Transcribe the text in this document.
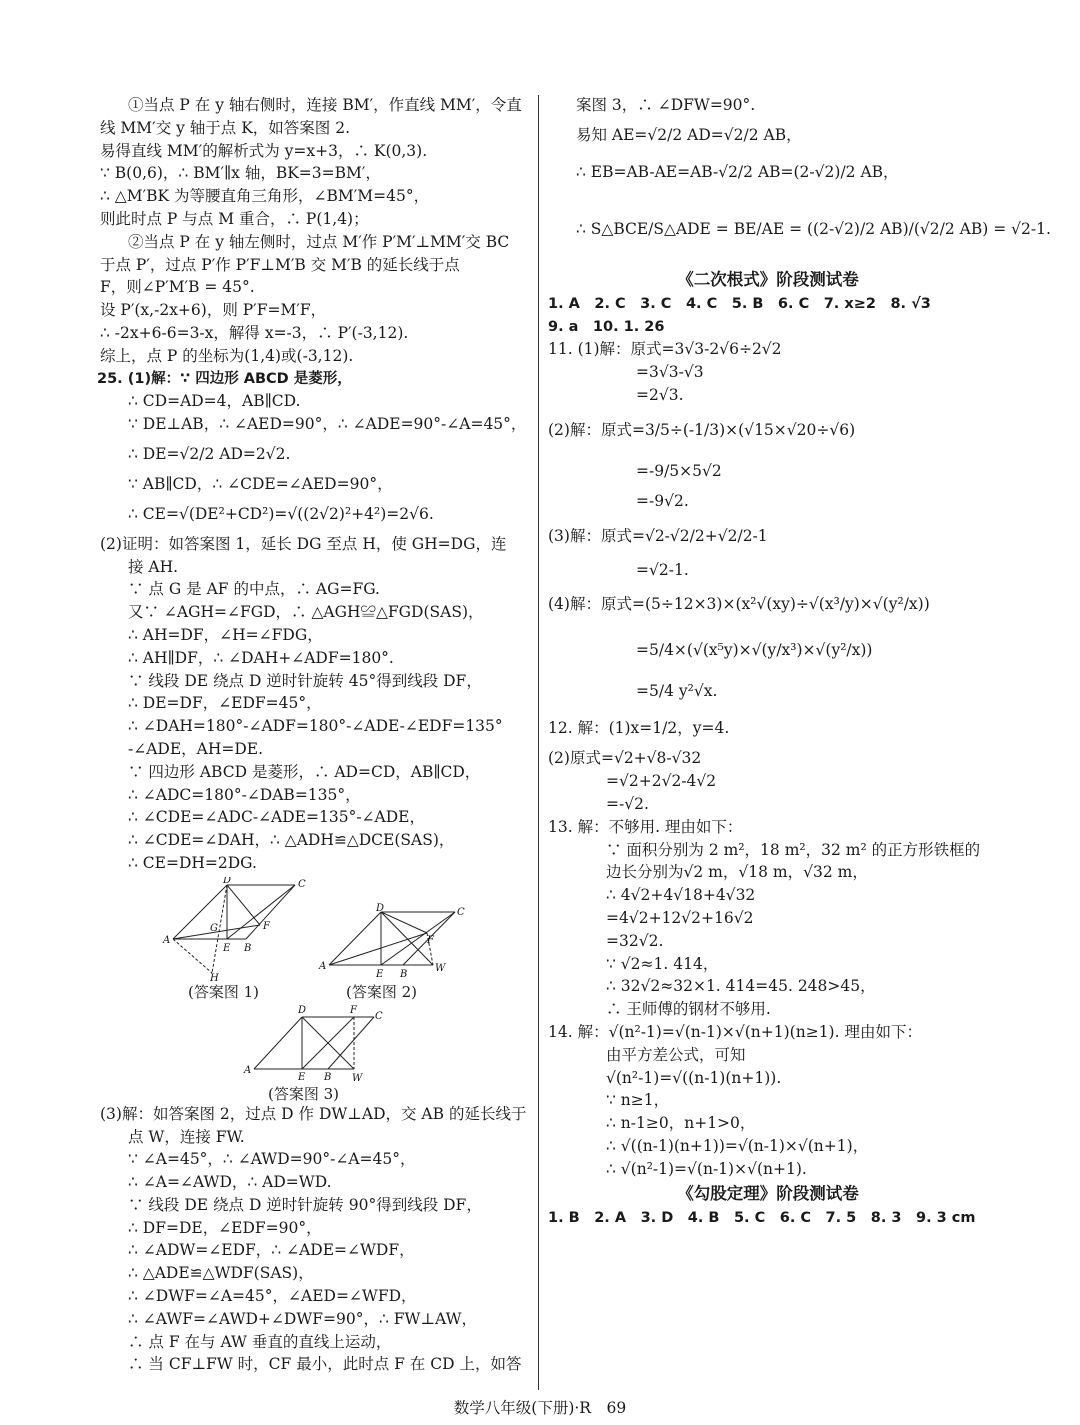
①当点 P 在 y 轴右侧时，连接 BM′，作直线 MM′，令直
线 MM′交 y 轴于点 K，如答案图 2.
易得直线 MM′的解析式为 y=x+3，∴ K(0,3).
∵ B(0,6)，∴ BM′∥x 轴，BK=3=BM′，
∴ △M′BK 为等腰直角三角形，∠BM′M=45°，
则此时点 P 与点 M 重合，∴ P(1,4)；
②当点 P 在 y 轴左侧时，过点 M′作 P′M′⊥MM′交 BC
于点 P′，过点 P′作 P′F⊥M′B 交 M′B 的延长线于点
F，则∠P′M′B = 45°.
设 P′(x,-2x+6)，则 P′F=M′F，
∴ -2x+6-6=3-x，解得 x=-3，∴ P′(-3,12).
综上，点 P 的坐标为(1,4)或(-3,12).
25. (1)解：∵ 四边形 ABCD 是菱形，
∴ CD=AD=4，AB∥CD.
∵ DE⊥AB，∴ ∠AED=90°，∴ ∠ADE=90°-∠A=45°，
∴ DE=√2/2 AD=2√2.
∵ AB∥CD，∴ ∠CDE=∠AED=90°，
∴ CE=√(DE²+CD²)=√((2√2)²+4²)=2√6.
(2)证明：如答案图 1，延长 DG 至点 H，使 GH=DG，连
接 AH.
∵ 点 G 是 AF 的中点，∴ AG=FG.
又∵ ∠AGH=∠FGD，∴ △AGH≌△FGD(SAS)，
∴ AH=DF，∠H=∠FDG，
∴ AH∥DF，∴ ∠DAH+∠ADF=180°.
∵ 线段 DE 绕点 D 逆时针旋转 45°得到线段 DF，
∴ DE=DF，∠EDF=45°，
∴ ∠DAH=180°-∠ADF=180°-∠ADE-∠EDF=135°
-∠ADE，AH=DE.
∵ 四边形 ABCD 是菱形，∴ AD=CD，AB∥CD，
∴ ∠ADC=180°-∠DAB=135°，
∴ ∠CDE=∠ADC-∠ADE=135°-∠ADE，
∴ ∠CDE=∠DAH，∴ △ADH≌△DCE(SAS)，
∴ CE=DH=2DG.
D	C
A
G	F
E B
H
(答案图 1)
D	C
A
F
E B
W
(答案图 2)
D	F
C
A
E B W
(答案图 3)
(3)解：如答案图 2，过点 D 作 DW⊥AD，交 AB 的延长线于
点 W，连接 FW.
∵ ∠A=45°，∴ ∠AWD=90°-∠A=45°，
∴ ∠A=∠AWD，∴ AD=WD.
∵ 线段 DE 绕点 D 逆时针旋转 90°得到线段 DF，
∴ DF=DE，∠EDF=90°，
∴ ∠ADW=∠EDF，∴ ∠ADE=∠WDF，
∴ △ADE≌△WDF(SAS)，
∴ ∠DWF=∠A=45°，∠AED=∠WFD，
∴ ∠AWF=∠AWD+∠DWF=90°，∴ FW⊥AW，
∴ 点 F 在与 AW 垂直的直线上运动，
∴ 当 CF⊥FW 时，CF 最小，此时点 F 在 CD 上，如答
案图 3，∴ ∠DFW=90°.
易知 AE=√2/2 AD=√2/2 AB，
∴ EB=AB-AE=AB-√2/2 AB=(2-√2)/2 AB，
∴ S△BCE/S△ADE = BE/AE = ((2-√2)/2 AB)/(√2/2 AB) = √2-1.
《二次根式》阶段测试卷
1. A　2. C　3. C　4. C　5. B　6. C　7. x≥2　8. √3
9. a　10. 1. 26
11. (1)解：原式=3√3-2√6÷2√2
=3√3-√3
=2√3.
(2)解：原式=3/5÷(-1/3)×(√15×√20÷√6)
=-9/5×5√2
=-9√2.
(3)解：原式=√2-√2/2+√2/2-1
=√2-1.
(4)解：原式=(5÷12×3)×(x²√(xy)÷√(x³/y)×√(y²/x))
=5/4×(√(x⁵y)×√(y/x³)×√(y²/x))
=5/4 y²√x.
12. 解：(1)x=1/2，y=4.
(2)原式=√2+√8-√32
=√2+2√2-4√2
=-√2.
13. 解：不够用. 理由如下：
∵ 面积分别为 2 m²，18 m²，32 m² 的正方形铁框的
边长分别为√2 m，√18 m，√32 m，
∴ 4√2+4√18+4√32
=4√2+12√2+16√2
=32√2.
∵ √2≈1. 414，
∴ 32√2≈32×1. 414=45. 248>45，
∴ 王师傅的钢材不够用.
14. 解：√(n²-1)=√(n-1)×√(n+1)(n≥1). 理由如下：
由平方差公式，可知
√(n²-1)=√((n-1)(n+1)).
∵ n≥1，
∴ n-1≥0，n+1>0，
∴ √((n-1)(n+1))=√(n-1)×√(n+1)，
∴ √(n²-1)=√(n-1)×√(n+1).
《勾股定理》阶段测试卷
1. B　2. A　3. D　4. B　5. C　6. C　7. 5　8. 3　9. 3 cm
数学八年级(下册)·R　69
